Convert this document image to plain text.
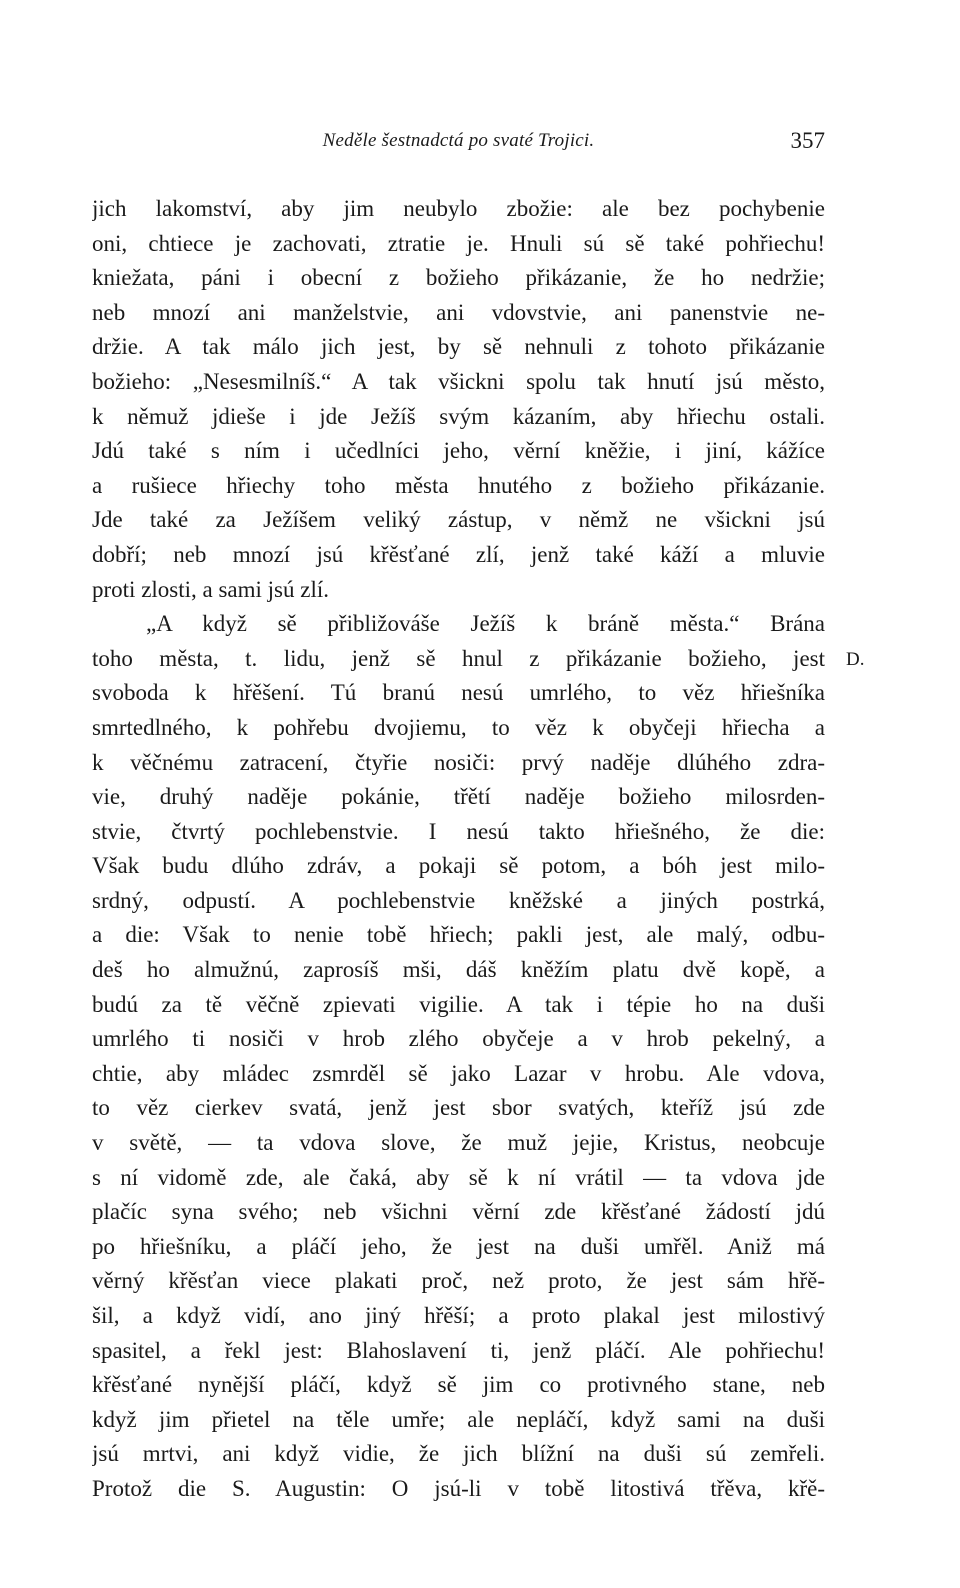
Neděle šestnadctá po svaté Trojici.	357
D.
jich lakomství, aby jim neubylo zbožie: ale bez pochybenie
oni, chtiece je zachovati, ztratie je. Hnuli sú sě také pohřiechu!
kniežata, páni i obecní z božieho přikázanie, že ho nedržie;
neb mnozí ani manželstvie, ani vdovstvie, ani panenstvie ne-
držie. A tak málo jich jest, by sě nehnuli z tohoto přikázanie
božieho: „Nesesmilníš.“ A tak všickni spolu tak hnutí jsú město,
k němuž jdieše i jde Ježíš svým kázaním, aby hřiechu ostali.
Jdú také s ním i učedlníci jeho, věrní kněžie, i jiní, kážíce
a rušiece hřiechy toho města hnutého z božieho přikázanie.
Jde také za Ježíšem veliký zástup, v němž ne všickni jsú
dobří; neb mnozí jsú křěsťané zlí, jenž také káží a mluvie
proti zlosti, a sami jsú zlí.
„A když sě přibližováše Ježíš k bráně města.“ Brána
toho města, t. lidu, jenž sě hnul z přikázanie božieho, jest
svoboda k hřěšení. Tú branú nesú umrlého, to věz hřiešníka
smrtedlného, k pohřebu dvojiemu, to věz k obyčeji hřiecha a
k věčnému zatracení, čtyřie nosiči: prvý naděje dlúhého zdra-
vie, druhý naděje pokánie, třětí naděje božieho milosrden-
stvie, čtvrtý pochlebenstvie. I nesú takto hřiešného, že die:
Však budu dlúho zdráv, a pokaji sě potom, a bóh jest milo-
srdný, odpustí. A pochlebenstvie kněžské a jiných postrká,
a die: Však to nenie tobě hřiech; pakli jest, ale malý, odbu-
deš ho almužnú, zaprosíš mši, dáš kněžím platu dvě kopě, a
budú za tě věčně zpievati vigilie. A tak i tépie ho na duši
umrlého ti nosiči v hrob zlého obyčeje a v hrob pekelný, a
chtie, aby mládec zsmrděl sě jako Lazar v hrobu. Ale vdova,
to věz cierkev svatá, jenž jest sbor svatých, kteříž jsú zde
v světě, — ta vdova slove, že muž jejie, Kristus, neobcuje
s ní vidomě zde, ale čaká, aby sě k ní vrátil — ta vdova jde
plačíc syna svého; neb všichni věrní zde křěsťané žádostí jdú
po hřiešníku, a pláčí jeho, že jest na duši umřěl. Aniž má
věrný křěsťan viece plakati proč, než proto, že jest sám hřě-
šil, a když vidí, ano jiný hřěší; a proto plakal jest milostivý
spasitel, a řekl jest: Blahoslavení ti, jenž pláčí. Ale pohřiechu!
křěsťané nynější pláčí, když sě jim co protivného stane, neb
když jim přietel na těle umře; ale nepláčí, když sami na duši
jsú mrtvi, ani když vidie, že jich blížní na duši sú zemřeli.
Protož die S. Augustin: O jsú-li v tobě litostivá třěva, křě-
